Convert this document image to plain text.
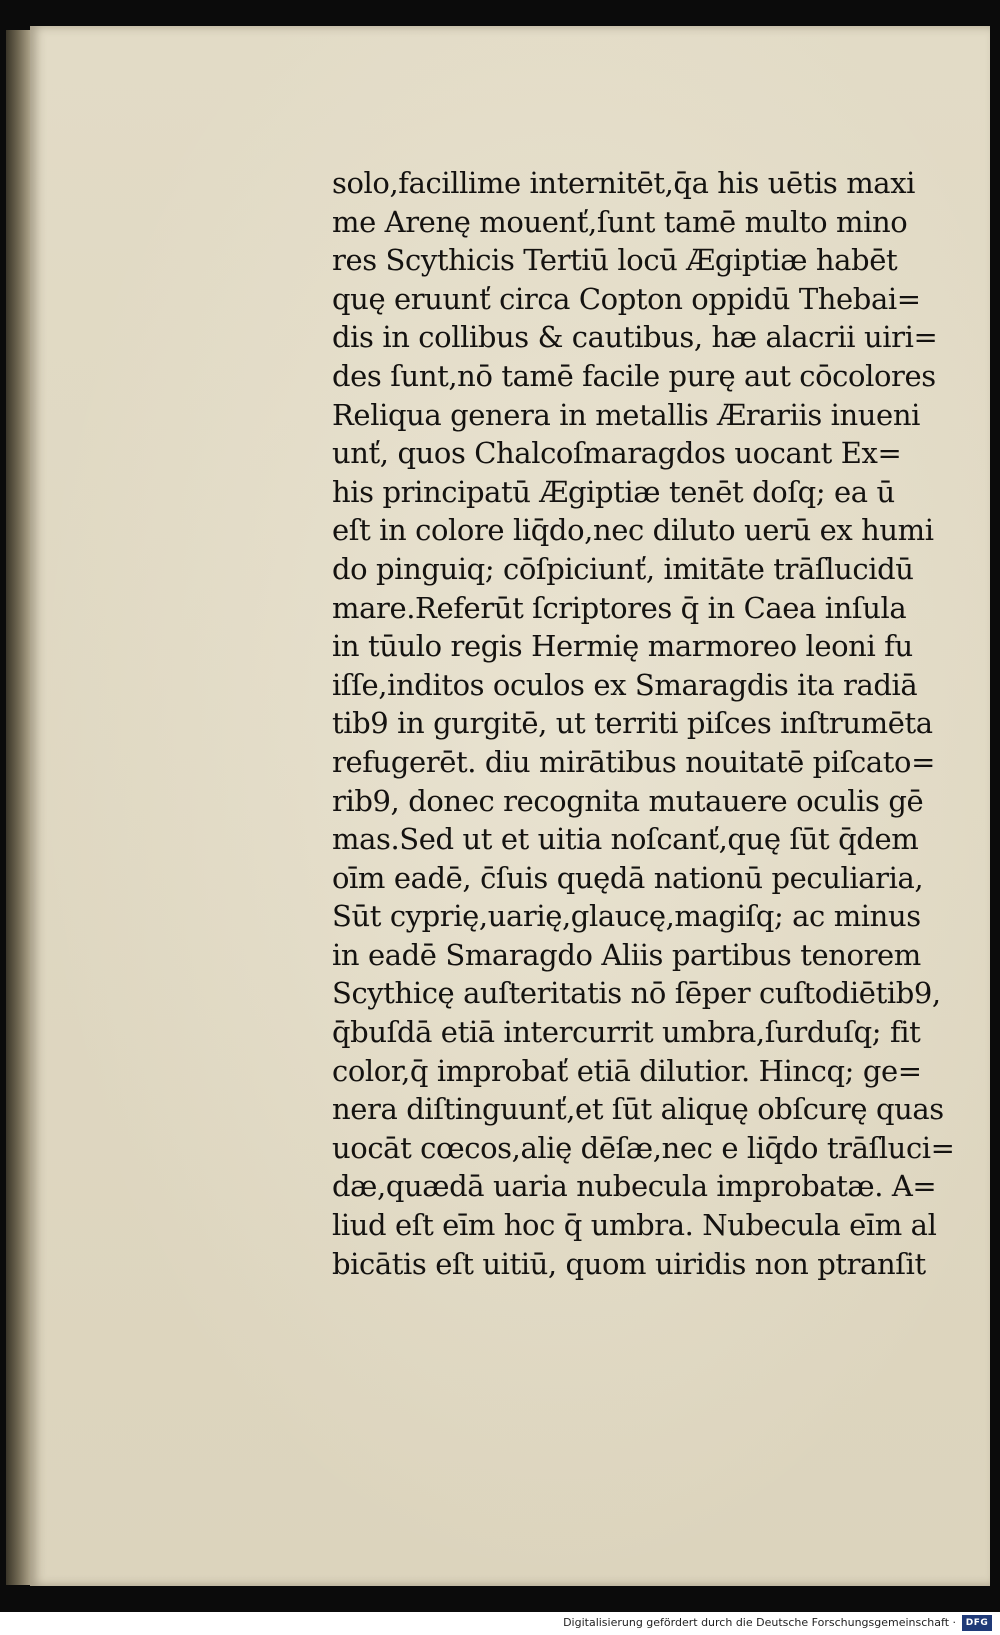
solo,facillime internitēt,q̄a his uētis maxi
me Arenę mouenť,ſunt tamē multo mino
res Scythicis Tertiū locū Ægiptiæ habēt
quę eruunť circa Copton oppidū Thebai=
dis in collibus & cautibus, hæ alacrii uiri=
des ſunt,nō tamē facile purę aut cōcolores
Reliqua genera in metallis Ærariis inueni
unť, quos Chalcoſmaragdos uocant Ex=
his principatū Ægiptiæ tenēt doſq; ea ū
eſt in colore liq̄do,nec diluto uerū ex humi
do pinguiq; cōſpiciunť, imitāte trāſlucidū
mare.Referūt ſcriptores q̄ in Caea inſula
in tūulo regis Hermię marmoreo leoni fu
iſſe,inditos oculos ex Smaragdis ita radiā
tib9 in gurgitē, ut territi piſces inſtrumēta
refugerēt. diu mirātibus nouitatē piſcato=
rib9, donec recognita mutauere oculis gē
mas.Sed ut et uitia noſcanť,quę ſūt q̄dem
oīm eadē, c̄ſuis quędā nationū peculiaria,
Sūt cyprię,uarię,glaucę,magiſq; ac minus
in eadē Smaragdo Aliis partibus tenorem
Scythicę auſteritatis nō ſēper cuſtodiētib9,
q̄buſdā etiā intercurrit umbra,ſurduſq; fit
color,q̄ improbať etiā dilutior. Hincq; ge=
nera diſtinguunť,et ſūt aliquę obſcurę quas
uocāt cœcos,alię dēſæ,nec e liq̄do trāſluci=
dæ,quædā uaria nubecula improbatæ. A=
liud eſt eīm hoc q̄ umbra. Nubecula eīm al
bicātis eſt uitiū, quom uiridis non ptranſit
Digitalisierung gefördert durch die Deutsche Forschungsgemeinschaft ·	DFG
